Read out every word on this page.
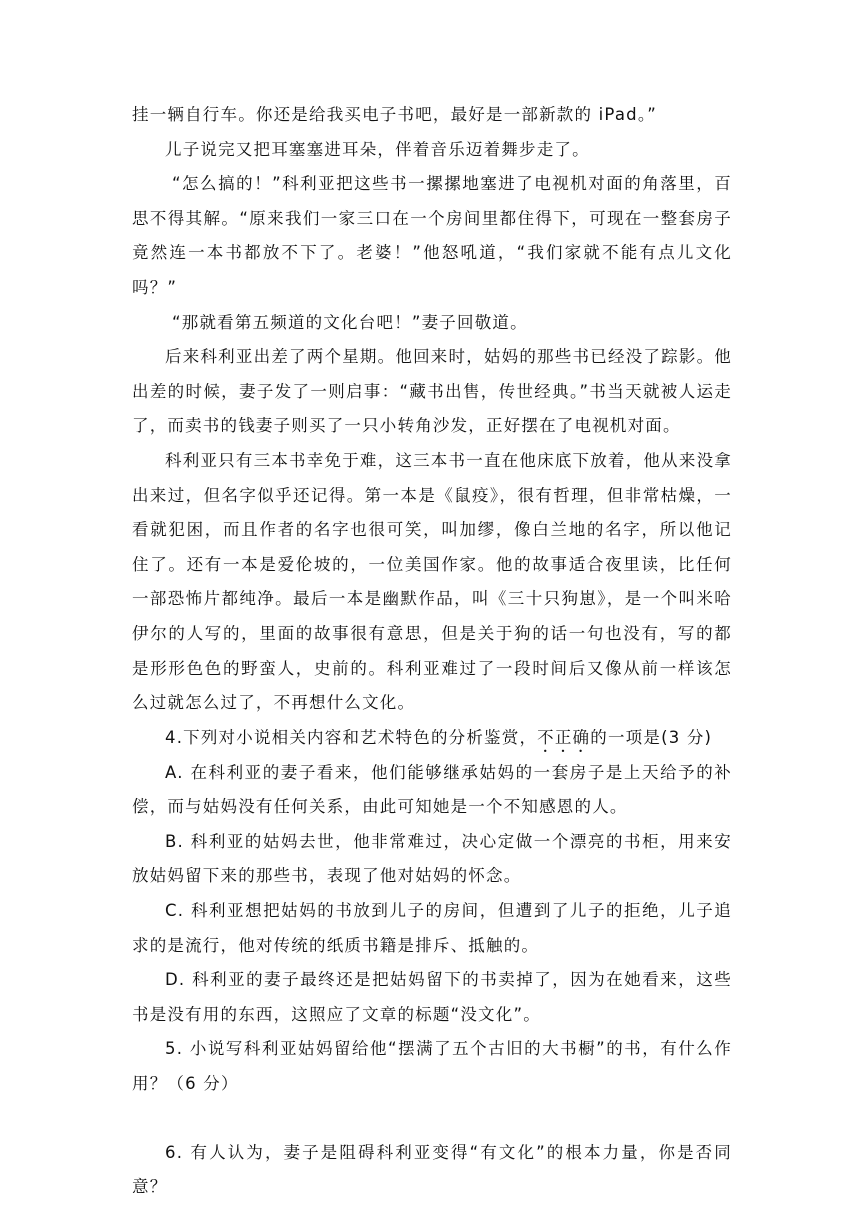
挂一辆自行车。你还是给我买电子书吧，最好是一部新款的 iPad。”

儿子说完又把耳塞塞进耳朵，伴着音乐迈着舞步走了。

“怎么搞的！”科利亚把这些书一摞摞地塞进了电视机对面的角落里，百思不得其解。“原来我们一家三口在一个房间里都住得下，可现在一整套房子竟然连一本书都放不下了。老婆！”他怒吼道，“我们家就不能有点儿文化吗？”

“那就看第五频道的文化台吧！”妻子回敬道。

后来科利亚出差了两个星期。他回来时，姑妈的那些书已经没了踪影。他出差的时候，妻子发了一则启事：“藏书出售，传世经典。”书当天就被人运走了，而卖书的钱妻子则买了一只小转角沙发，正好摆在了电视机对面。

科利亚只有三本书幸免于难，这三本书一直在他床底下放着，他从来没拿出来过，但名字似乎还记得。第一本是《鼠疫》，很有哲理，但非常枯燥，一看就犯困，而且作者的名字也很可笑，叫加缪，像白兰地的名字，所以他记住了。还有一本是爱伦坡的，一位美国作家。他的故事适合夜里读，比任何一部恐怖片都纯净。最后一本是幽默作品，叫《三十只狗崽》，是一个叫米哈伊尔的人写的，里面的故事很有意思，但是关于狗的话一句也没有，写的都是形形色色的野蛮人，史前的。科利亚难过了一段时间后又像从前一样该怎么过就怎么过了，不再想什么文化。

4.下列对小说相关内容和艺术特色的分析鉴赏，不正确的一项是(3 分)

A. 在科利亚的妻子看来，他们能够继承姑妈的一套房子是上天给予的补偿，而与姑妈没有任何关系，由此可知她是一个不知感恩的人。

B. 科利亚的姑妈去世，他非常难过，决心定做一个漂亮的书柜，用来安放姑妈留下来的那些书，表现了他对姑妈的怀念。

C. 科利亚想把姑妈的书放到儿子的房间，但遭到了儿子的拒绝，儿子追求的是流行，他对传统的纸质书籍是排斥、抵触的。

D. 科利亚的妻子最终还是把姑妈留下的书卖掉了，因为在她看来，这些书是没有用的东西，这照应了文章的标题“没文化”。

5. 小说写科利亚姑妈留给他“摆满了五个古旧的大书橱”的书，有什么作用？（6 分）

6. 有人认为，妻子是阻碍科利亚变得“有文化”的根本力量，你是否同意？
